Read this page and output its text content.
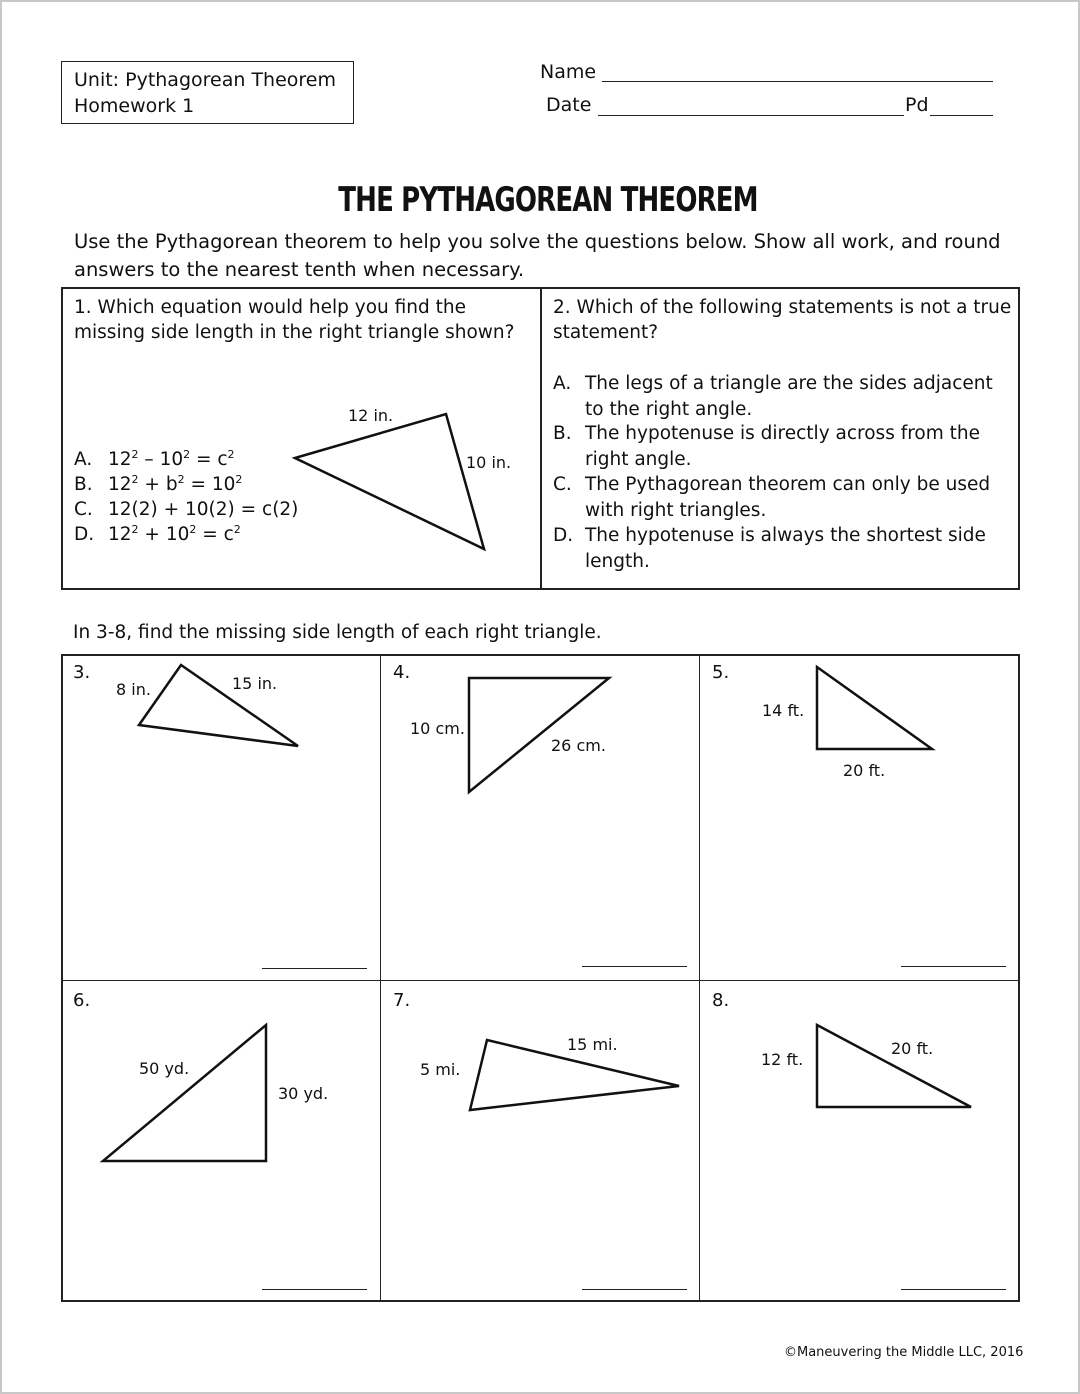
Unit: Pythagorean Theorem
Homework 1
Name
Date	Pd
THE PYTHAGOREAN THEOREM
Use the Pythagorean theorem to help you solve the questions below. Show all work, and round answers to the nearest tenth when necessary.
1. Which equation would help you find the missing side length in the right triangle shown?
A. $12^2 - 10^2 = c^2$
B. $12^2 + b^2 = 10^2$
C. 12(2) + 10(2) = c(2)
D. $12^2 + 10^2 = c^2$
12 in.
10 in.
2. Which of the following statements is not a true statement?
A. The legs of a triangle are the sides adjacent to the right angle.
B. The hypotenuse is directly across from the right angle.
C. The Pythagorean theorem can only be used with right triangles.
D. The hypotenuse is always the shortest side length.
In 3-8, find the missing side length of each right triangle.
3.	4.	5.
6.	7.	8.
8 in.	15 in.
10 cm.
26 cm.
14 ft.
20 ft.
50 yd.
30 yd.
5 mi.
15 mi.
12 ft.
20 ft.
©Maneuvering the Middle LLC, 2016
